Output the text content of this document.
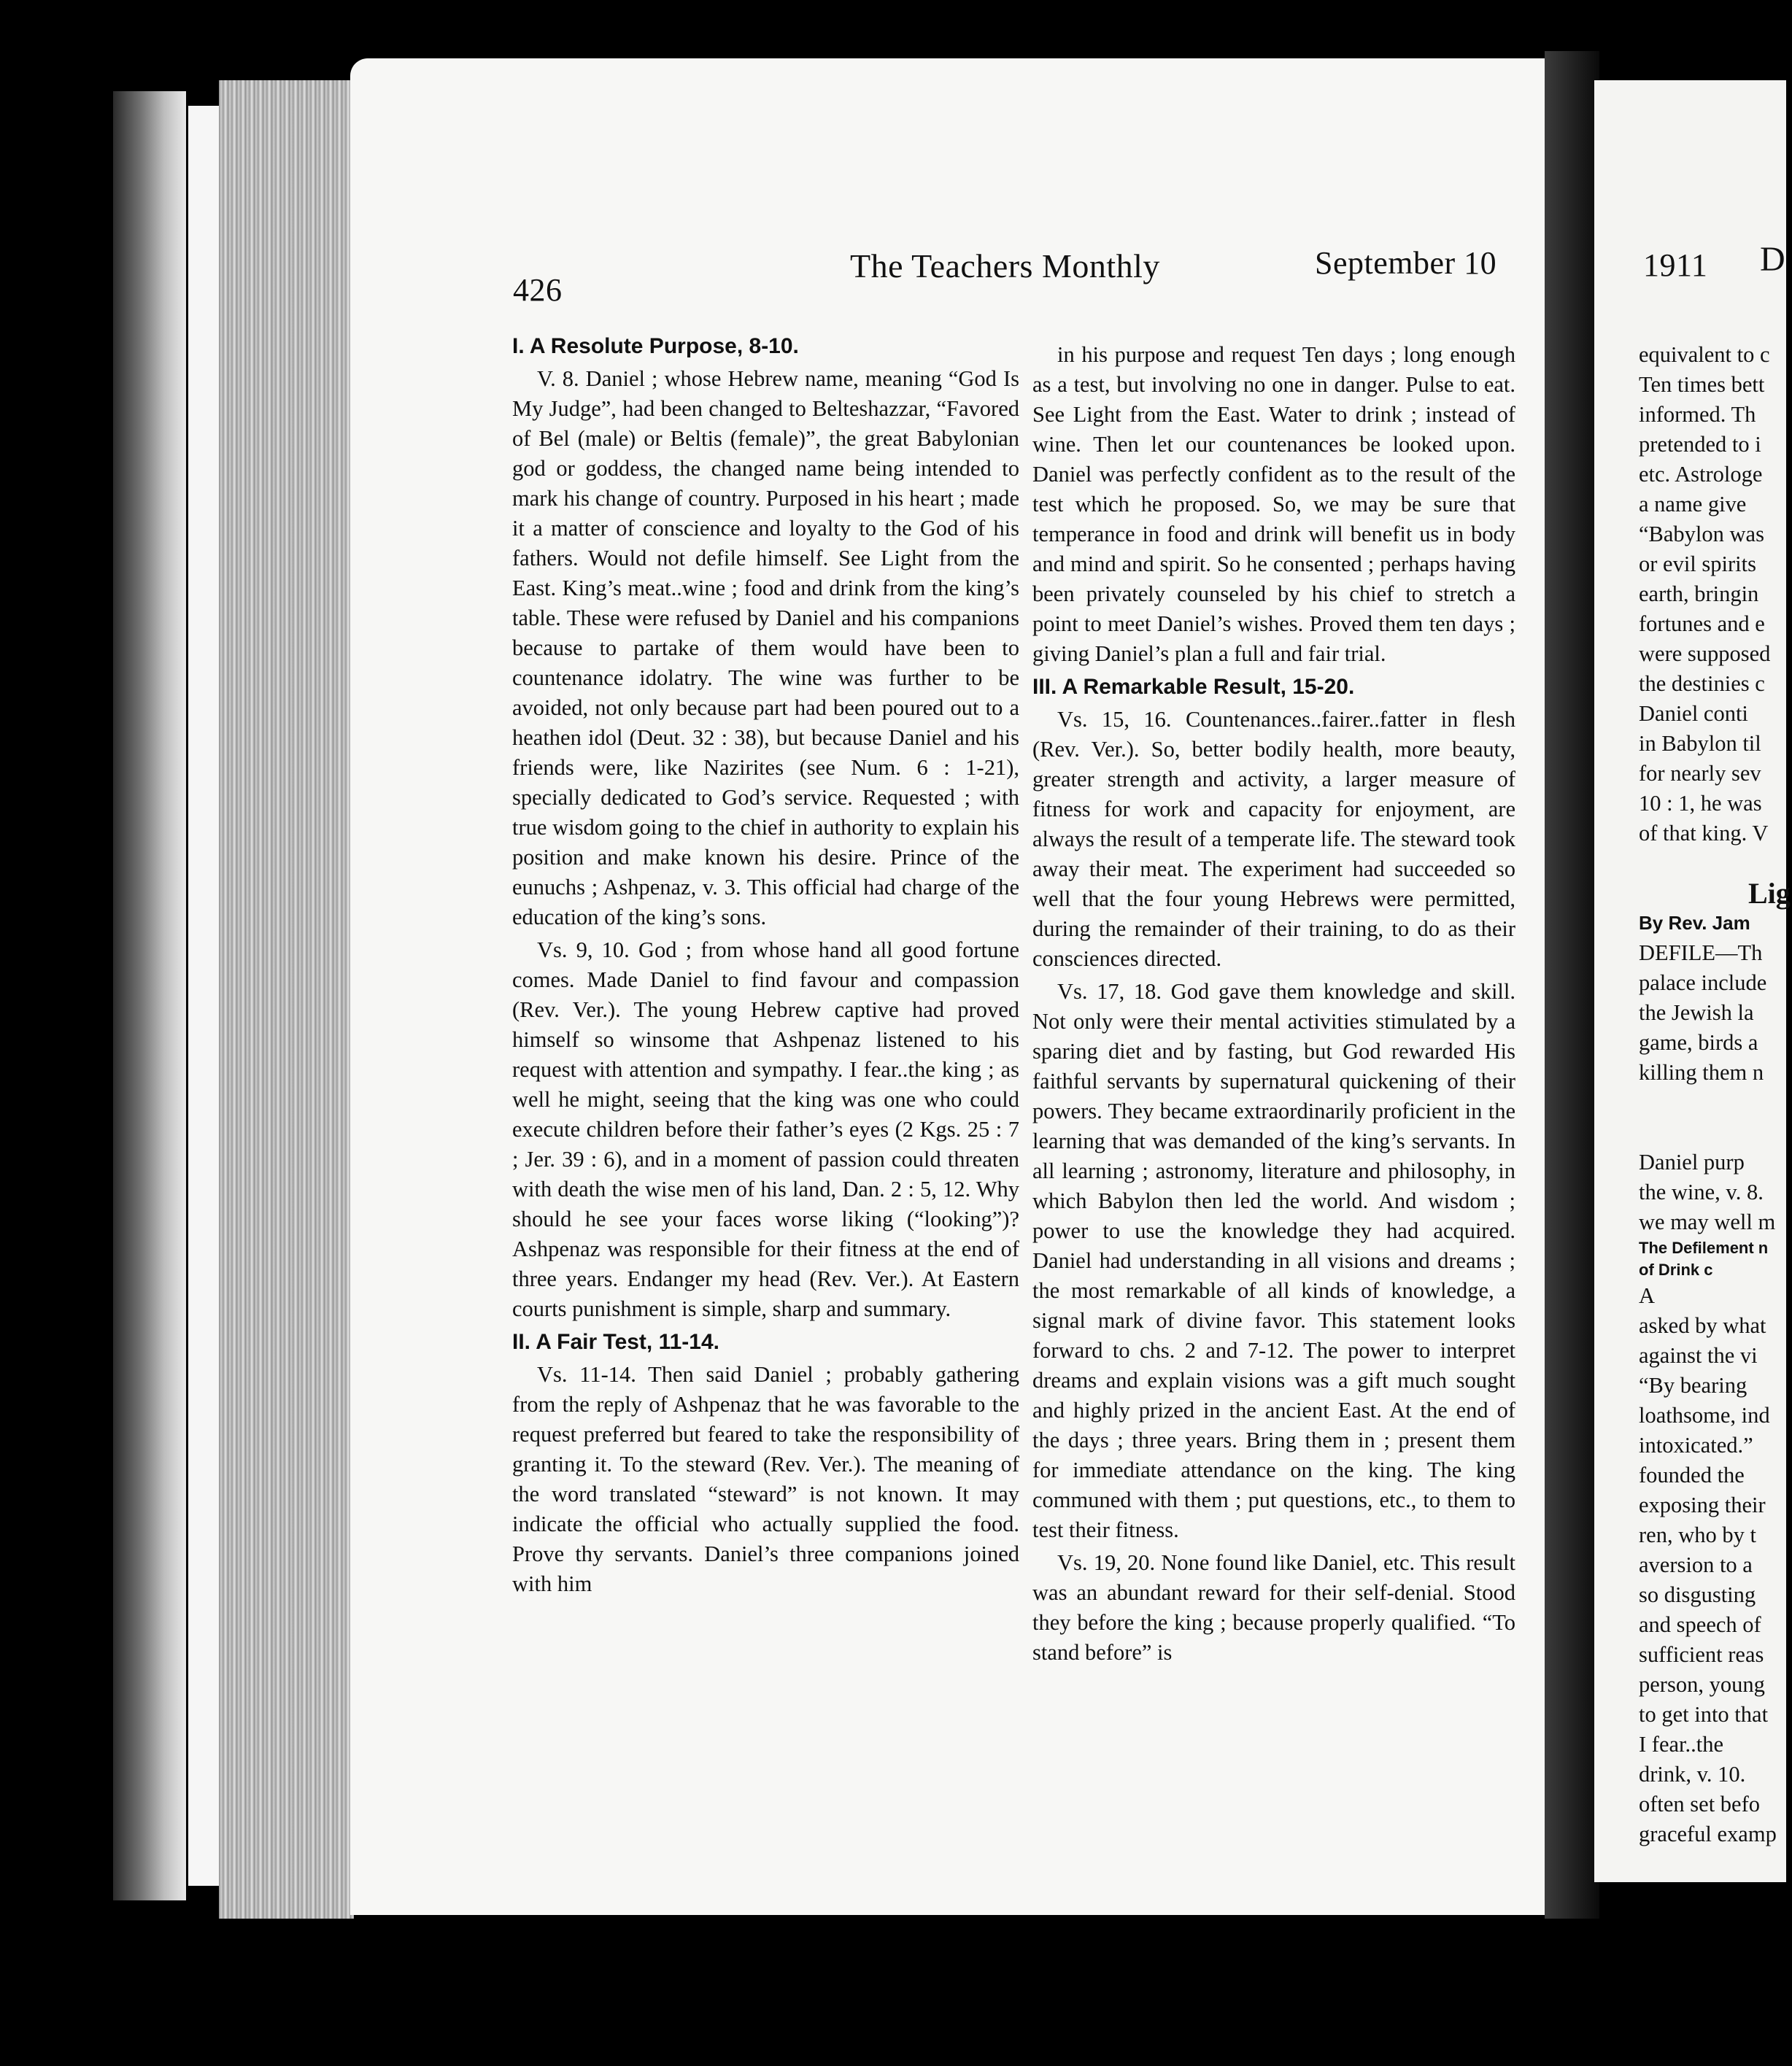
426
The Teachers Monthly	September 10	1911 D
I. A Resolute Purpose, 8-10.

V. 8. Daniel ; whose Hebrew name, meaning “God Is My Judge”, had been changed to Belteshazzar, “Favored of Bel (male) or Beltis (female)”, the great Babylonian god or goddess, the changed name being intended to mark his change of country. Purposed in his heart ; made it a matter of conscience and loyalty to the God of his fathers. Would not defile himself. See Light from the East. King’s meat..wine ; food and drink from the king’s table. These were refused by Daniel and his companions because to partake of them would have been to countenance idolatry. The wine was further to be avoided, not only because part had been poured out to a heathen idol (Deut. 32 : 38), but because Daniel and his friends were, like Nazirites (see Num. 6 : 1-21), specially dedicated to God’s service. Requested ; with true wisdom going to the chief in authority to explain his position and make known his desire. Prince of the eunuchs ; Ashpenaz, v. 3. This official had charge of the education of the king’s sons.

Vs. 9, 10. God ; from whose hand all good fortune comes. Made Daniel to find favour and compassion (Rev. Ver.). The young Hebrew captive had proved himself so winsome that Ashpenaz listened to his request with attention and sympathy. I fear..the king ; as well he might, seeing that the king was one who could execute children before their father’s eyes (2 Kgs. 25 : 7 ; Jer. 39 : 6), and in a moment of passion could threaten with death the wise men of his land, Dan. 2 : 5, 12. Why should he see your faces worse liking (“looking”)? Ashpenaz was responsible for their fitness at the end of three years. Endanger my head (Rev. Ver.). At Eastern courts punishment is simple, sharp and summary.

II. A Fair Test, 11-14.

Vs. 11-14. Then said Daniel ; probably gathering from the reply of Ashpenaz that he was favorable to the request preferred but feared to take the responsibility of granting it. To the steward (Rev. Ver.). The meaning of the word translated “steward” is not known. It may indicate the official who actually supplied the food. Prove thy servants. Daniel’s three companions joined with him

in his purpose and request Ten days ; long enough as a test, but involving no one in danger. Pulse to eat. See Light from the East. Water to drink ; instead of wine. Then let our countenances be looked upon. Daniel was perfectly confident as to the result of the test which he proposed. So, we may be sure that temperance in food and drink will benefit us in body and mind and spirit. So he consented ; perhaps having been privately counseled by his chief to stretch a point to meet Daniel’s wishes. Proved them ten days ; giving Daniel’s plan a full and fair trial.

III. A Remarkable Result, 15-20.

Vs. 15, 16. Countenances..fairer..fatter in flesh (Rev. Ver.). So, better bodily health, more beauty, greater strength and activity, a larger measure of fitness for work and capacity for enjoyment, are always the result of a temperate life. The steward took away their meat. The experiment had succeeded so well that the four young Hebrews were permitted, during the remainder of their training, to do as their consciences directed.

Vs. 17, 18. God gave them knowledge and skill. Not only were their mental activities stimulated by a sparing diet and by fasting, but God rewarded His faithful servants by supernatural quickening of their powers. They became extraordinarily proficient in the learning that was demanded of the king’s servants. In all learning ; astronomy, literature and philosophy, in which Babylon then led the world. And wisdom ; power to use the knowledge they had acquired. Daniel had understanding in all visions and dreams ; the most remarkable of all kinds of knowledge, a signal mark of divine favor. This statement looks forward to chs. 2 and 7-12. The power to interpret dreams and explain visions was a gift much sought and highly prized in the ancient East. At the end of the days ; three years. Bring them in ; present them for immediate attendance on the king. The king communed with them ; put questions, etc., to them to test their fitness.

Vs. 19, 20. None found like Daniel, etc. This result was an abundant reward for their self-denial. Stood they before the king ; because properly qualified. “To stand before” is

equivalent to c

Ten times bett

informed. Th

pretended to i

etc. Astrologe

a name give

“Babylon was

or evil spirits

earth, bringin

fortunes and e

were supposed

the destinies c

Daniel conti

in Babylon til

for nearly sev

10 : 1, he was

of that king. V

Lig

By Rev. Jam

DEFILE—Th

palace include

the Jewish la

game, birds a

killing them n

Daniel purp

the wine, v. 8.

we may well m

The Defilement n

of Drink c

A

asked by what

against the vi

“By bearing

loathsome, ind

intoxicated.”

founded the

exposing their

ren, who by t

aversion to a

so disgusting

and speech of

sufficient reas

person, young

to get into that

I fear..the

drink, v. 10.

often set befo

graceful examp
